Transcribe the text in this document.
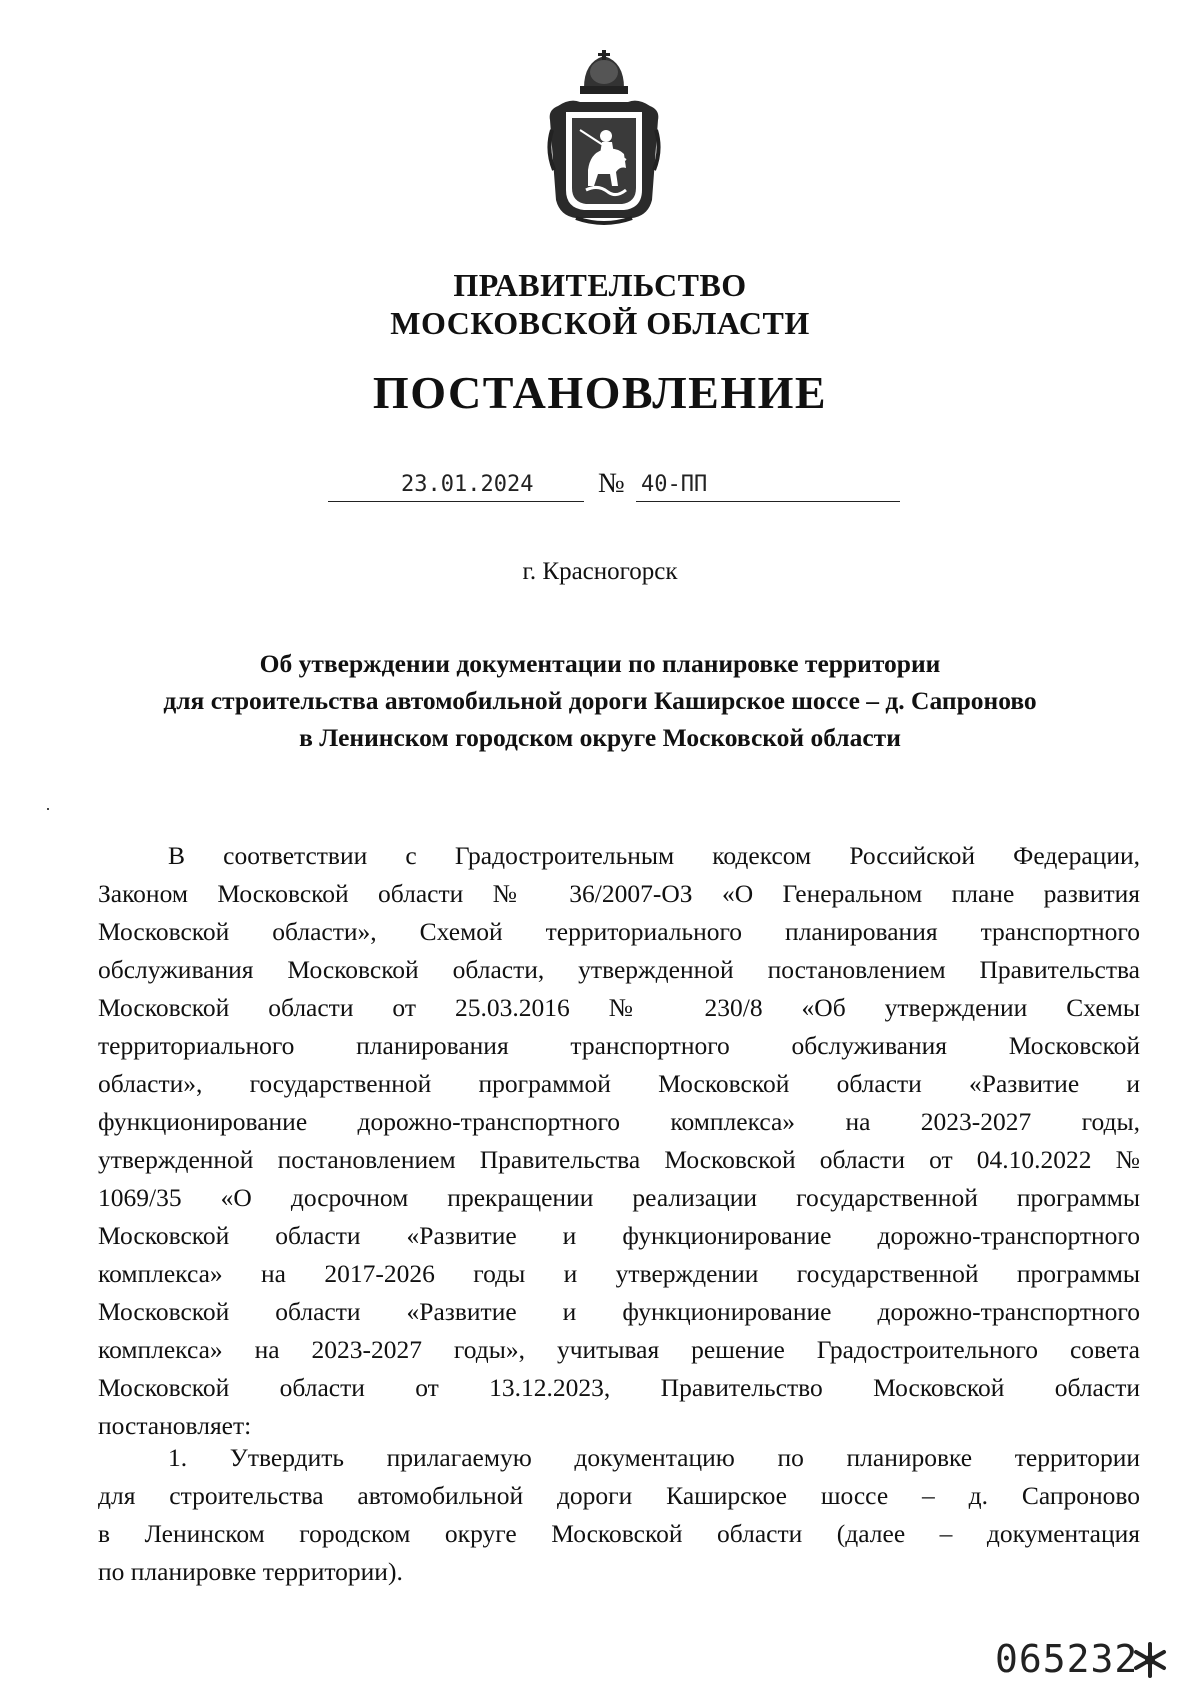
ПРАВИТЕЛЬСТВО
МОСКОВСКОЙ ОБЛАСТИ
ПОСТАНОВЛЕНИЕ
23.01.2024 № 40-ПП
г. Красногорск
Об утверждении документации по планировке территории
для строительства автомобильной дороги Каширское шоссе – д. Сапроново
в Ленинском городском округе Московской области
В соответствии с Градостроительным кодексом Российской Федерации,
Законом Московской области № 36/2007-ОЗ «О Генеральном плане развития
Московской области», Схемой территориального планирования транспортного
обслуживания Московской области, утвержденной постановлением Правительства
Московской области от 25.03.2016 № 230/8 «Об утверждении Схемы
территориального планирования транспортного обслуживания Московской
области», государственной программой Московской области «Развитие и
функционирование дорожно-транспортного комплекса» на 2023-2027 годы,
утвержденной постановлением Правительства Московской области от 04.10.2022 №
1069/35 «О досрочном прекращении реализации государственной программы
Московской области «Развитие и функционирование дорожно-транспортного
комплекса» на 2017-2026 годы и утверждении государственной программы
Московской области «Развитие и функционирование дорожно-транспортного
комплекса» на 2023-2027 годы», учитывая решение Градостроительного совета
Московской области от 13.12.2023, Правительство Московской области
постановляет:
1. Утвердить прилагаемую документацию по планировке территории
для строительства автомобильной дороги Каширское шоссе – д. Сапроново
в Ленинском городском округе Московской области (далее – документация
по планировке территории).
065232
